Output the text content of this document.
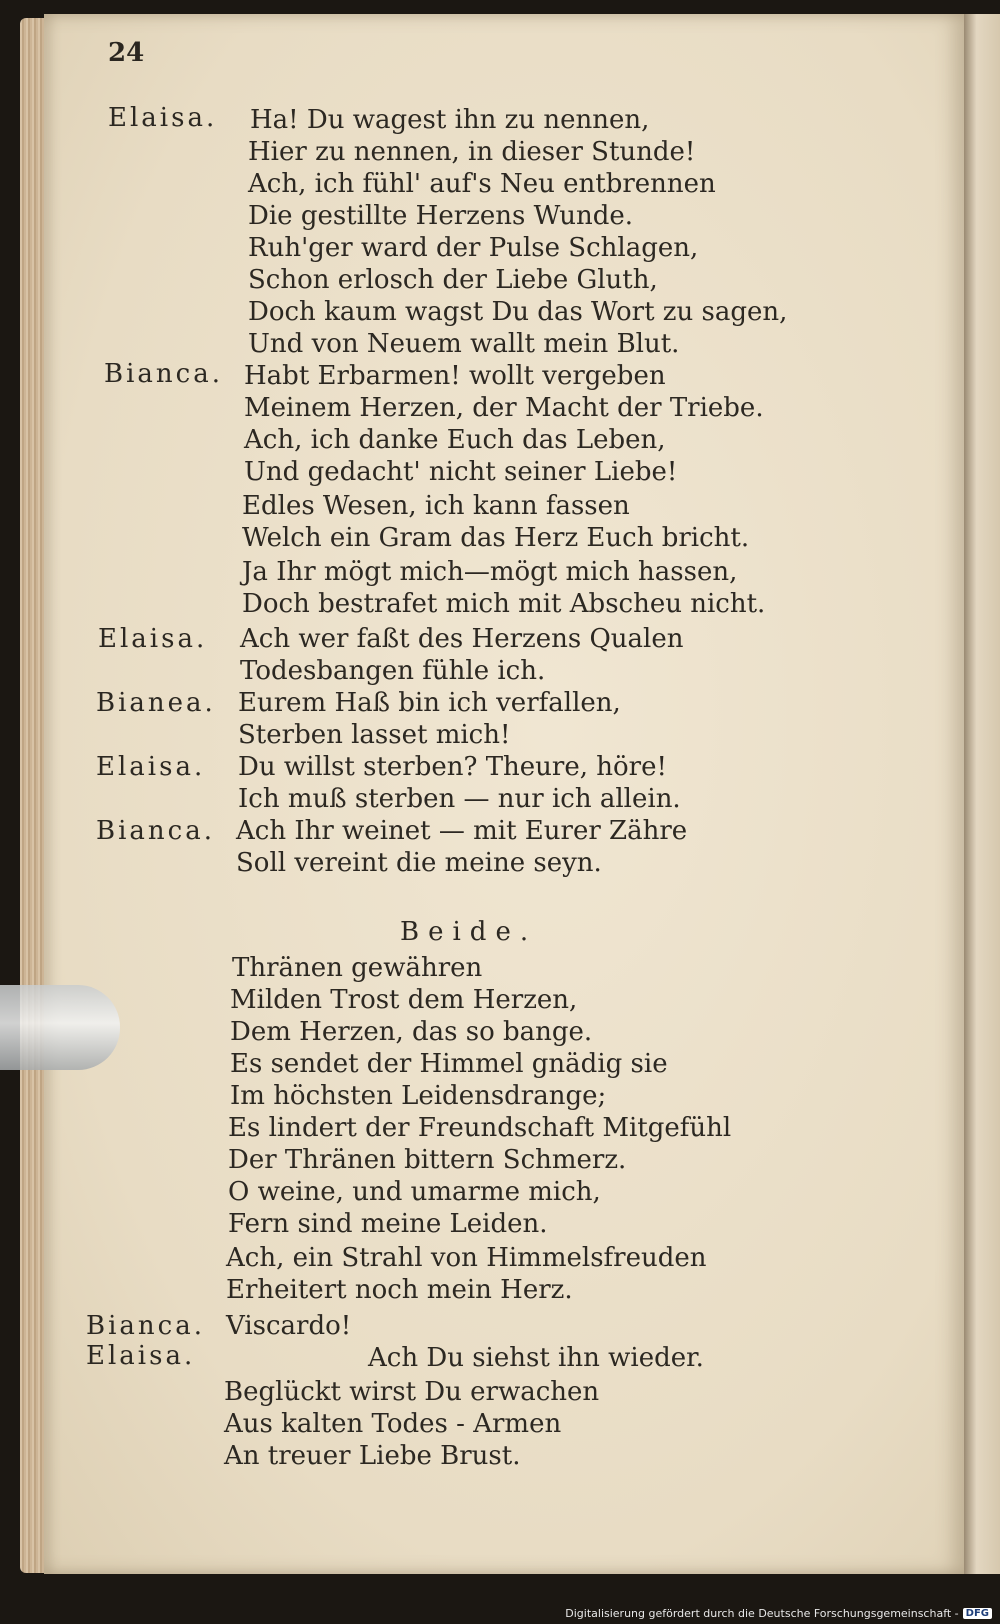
24
Elaisa.
Bianca.
Elaisa.
Bianea.
Elaisa.
Bianca.
Bianca.
Elaisa.
Ha! Du wagest ihn zu nennen,
Hier zu nennen, in dieser Stunde!
Ach, ich fühl' auf's Neu entbrennen
Die gestillte Herzens Wunde.
Ruh'ger ward der Pulse Schlagen,
Schon erlosch der Liebe Gluth,
Doch kaum wagst Du das Wort zu sagen,
Und von Neuem wallt mein Blut.
Habt Erbarmen! wollt vergeben
Meinem Herzen, der Macht der Triebe.
Ach, ich danke Euch das Leben,
Und gedacht' nicht seiner Liebe!
Edles Wesen, ich kann fassen
Welch ein Gram das Herz Euch bricht.
Ja Ihr mögt mich—mögt mich hassen,
Doch bestrafet mich mit Abscheu nicht.
Ach wer faßt des Herzens Qualen
Todesbangen fühle ich.
Eurem Haß bin ich verfallen,
Sterben lasset mich!
Du willst sterben? Theure, höre!
Ich muß sterben — nur ich allein.
Ach Ihr weinet — mit Eurer Zähre
Soll vereint die meine seyn.
Beide.
Thränen gewähren
Milden Trost dem Herzen,
Dem Herzen, das so bange.
Es sendet der Himmel gnädig sie
Im höchsten Leidensdrange;
Es lindert der Freundschaft Mitgefühl
Der Thränen bittern Schmerz.
O weine, und umarme mich,
Fern sind meine Leiden.
Ach, ein Strahl von Himmelsfreuden
Erheitert noch mein Herz.
Viscardo!
Ach Du siehst ihn wieder.
Beglückt wirst Du erwachen
Aus kalten Todes - Armen
An treuer Liebe Brust.
Digitalisierung gefördert durch die Deutsche Forschungsgemeinschaft - DFG
